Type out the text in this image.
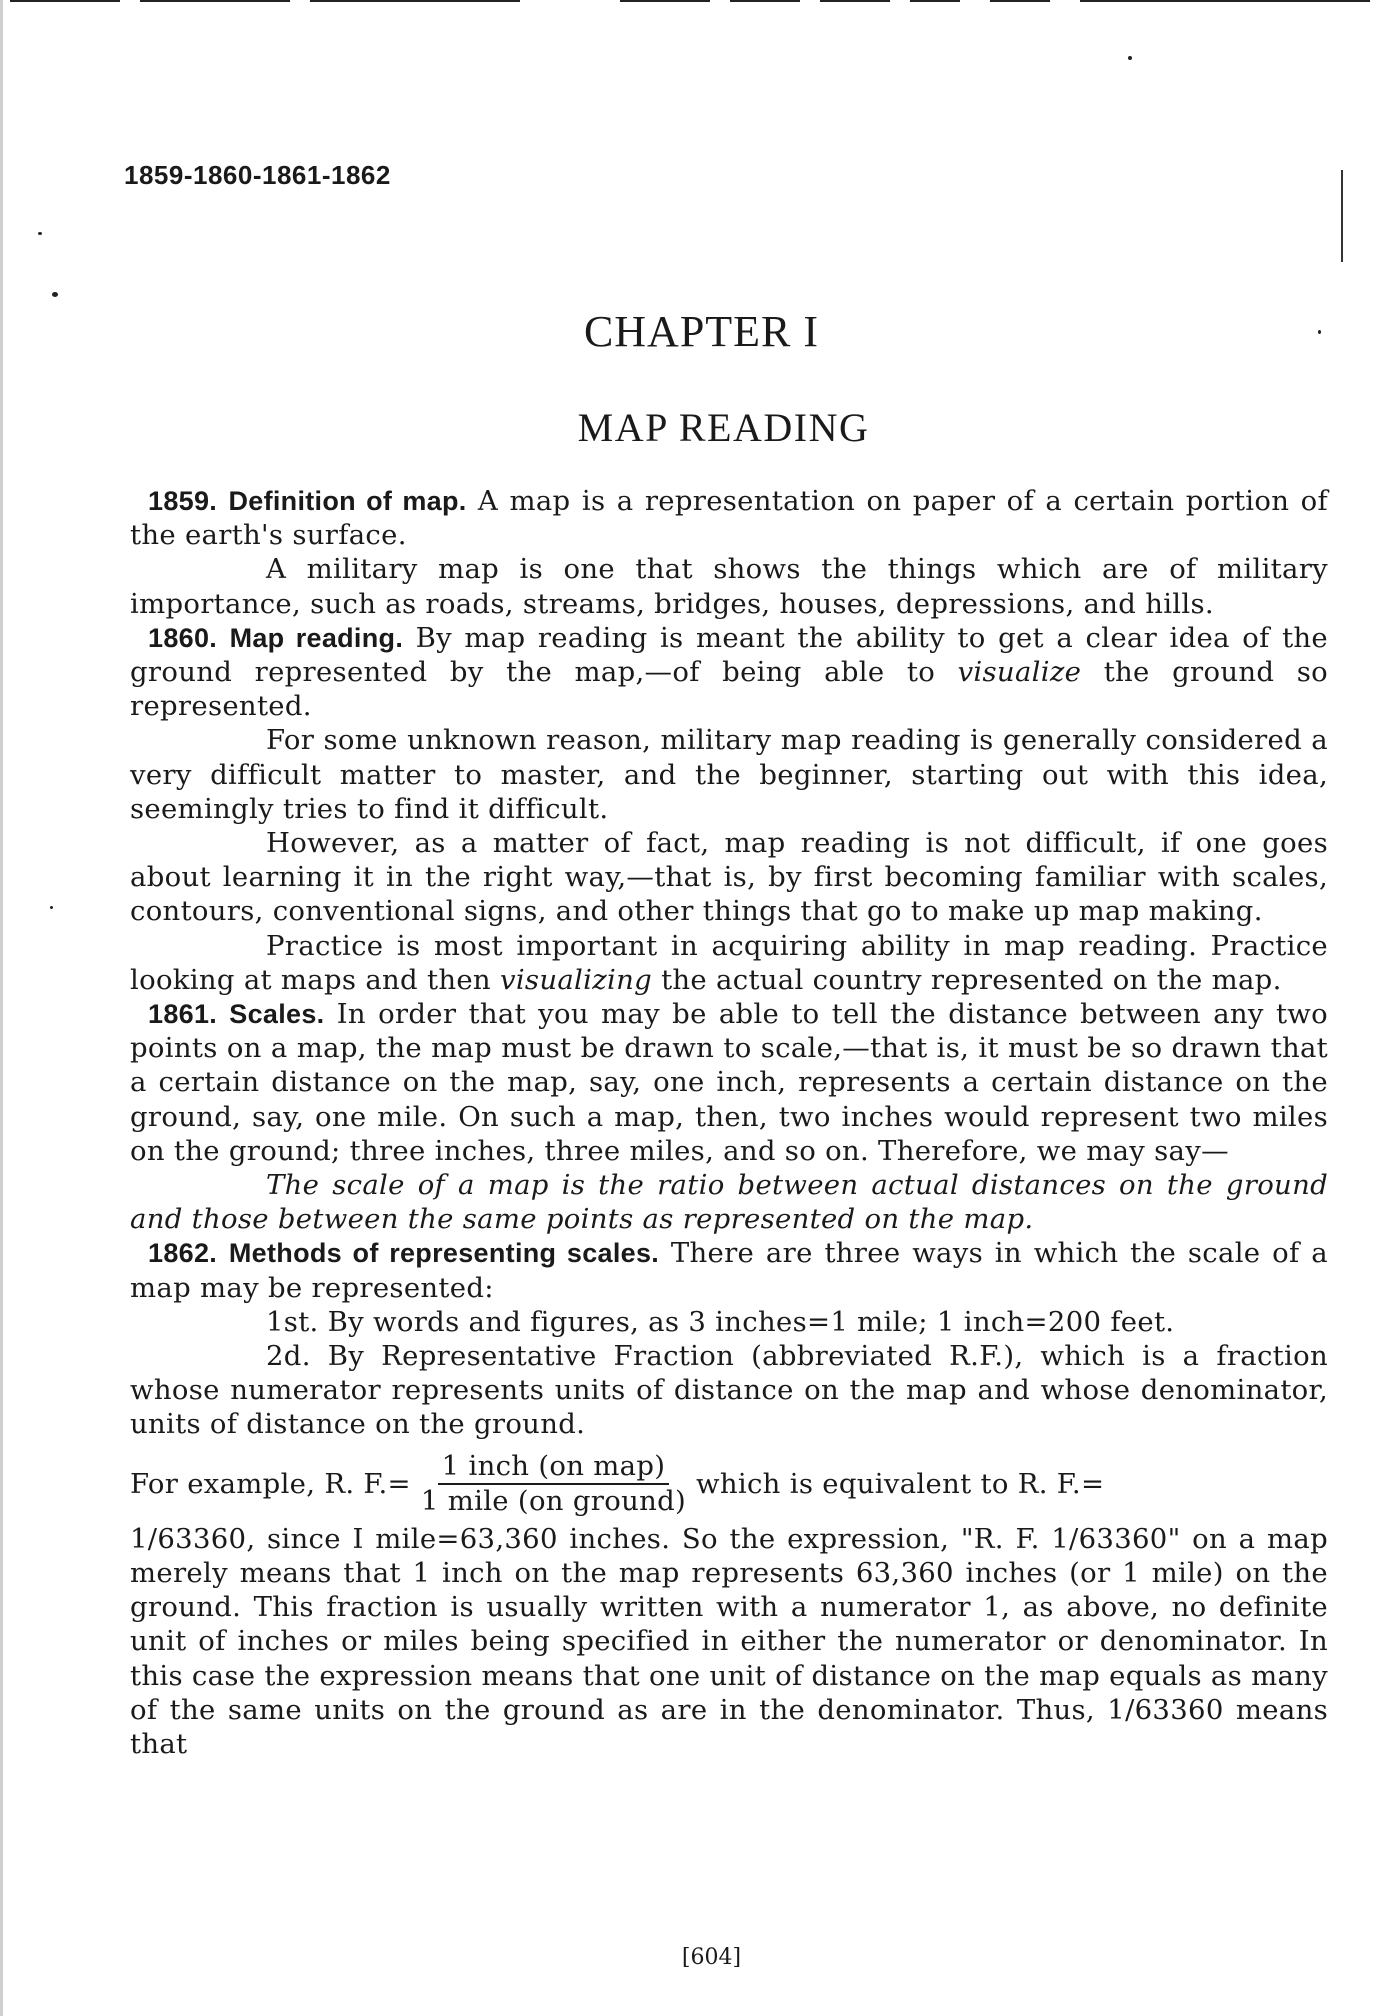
1859-1860-1861-1862
CHAPTER I
MAP READING

1859. Definition of map. A map is a representation on paper of a certain portion of the earth's surface.

A military map is one that shows the things which are of military importance, such as roads, streams, bridges, houses, depressions, and hills.

1860. Map reading. By map reading is meant the ability to get a clear idea of the ground represented by the map,—of being able to visualize the ground so represented.

For some unknown reason, military map reading is generally considered a very difficult matter to master, and the beginner, starting out with this idea, seemingly tries to find it difficult.

However, as a matter of fact, map reading is not difficult, if one goes about learning it in the right way,—that is, by first becoming familiar with scales, contours, conventional signs, and other things that go to make up map making.

Practice is most important in acquiring ability in map reading. Practice looking at maps and then visualizing the actual country represented on the map.

1861. Scales. In order that you may be able to tell the distance between any two points on a map, the map must be drawn to scale,—that is, it must be so drawn that a certain distance on the map, say, one inch, represents a certain distance on the ground, say, one mile. On such a map, then, two inches would represent two miles on the ground; three inches, three miles, and so on. Therefore, we may say—

The scale of a map is the ratio between actual distances on the ground and those between the same points as represented on the map.

1862. Methods of representing scales. There are three ways in which the scale of a map may be represented:

1st. By words and figures, as 3 inches=1 mile; 1 inch=200 feet.

2d. By Representative Fraction (abbreviated R.F.), which is a fraction whose numerator represents units of distance on the map and whose denominator, units of distance on the ground.

For example, R. $F.= \frac{\text{1 inch (on map)}}{\text{1 mile (on ground)}}$ which is equivalent to R. F.=

1/63360, since I mile=63,360 inches. So the expression, "R. F. 1/63360" on a map merely means that 1 inch on the map represents 63,360 inches (or 1 mile) on the ground. This fraction is usually written with a numerator 1, as above, no definite unit of inches or miles being specified in either the numerator or denominator. In this case the expression means that one unit of distance on the map equals as many of the same units on the ground as are in the denominator. Thus, 1/63360 means that

[604]
